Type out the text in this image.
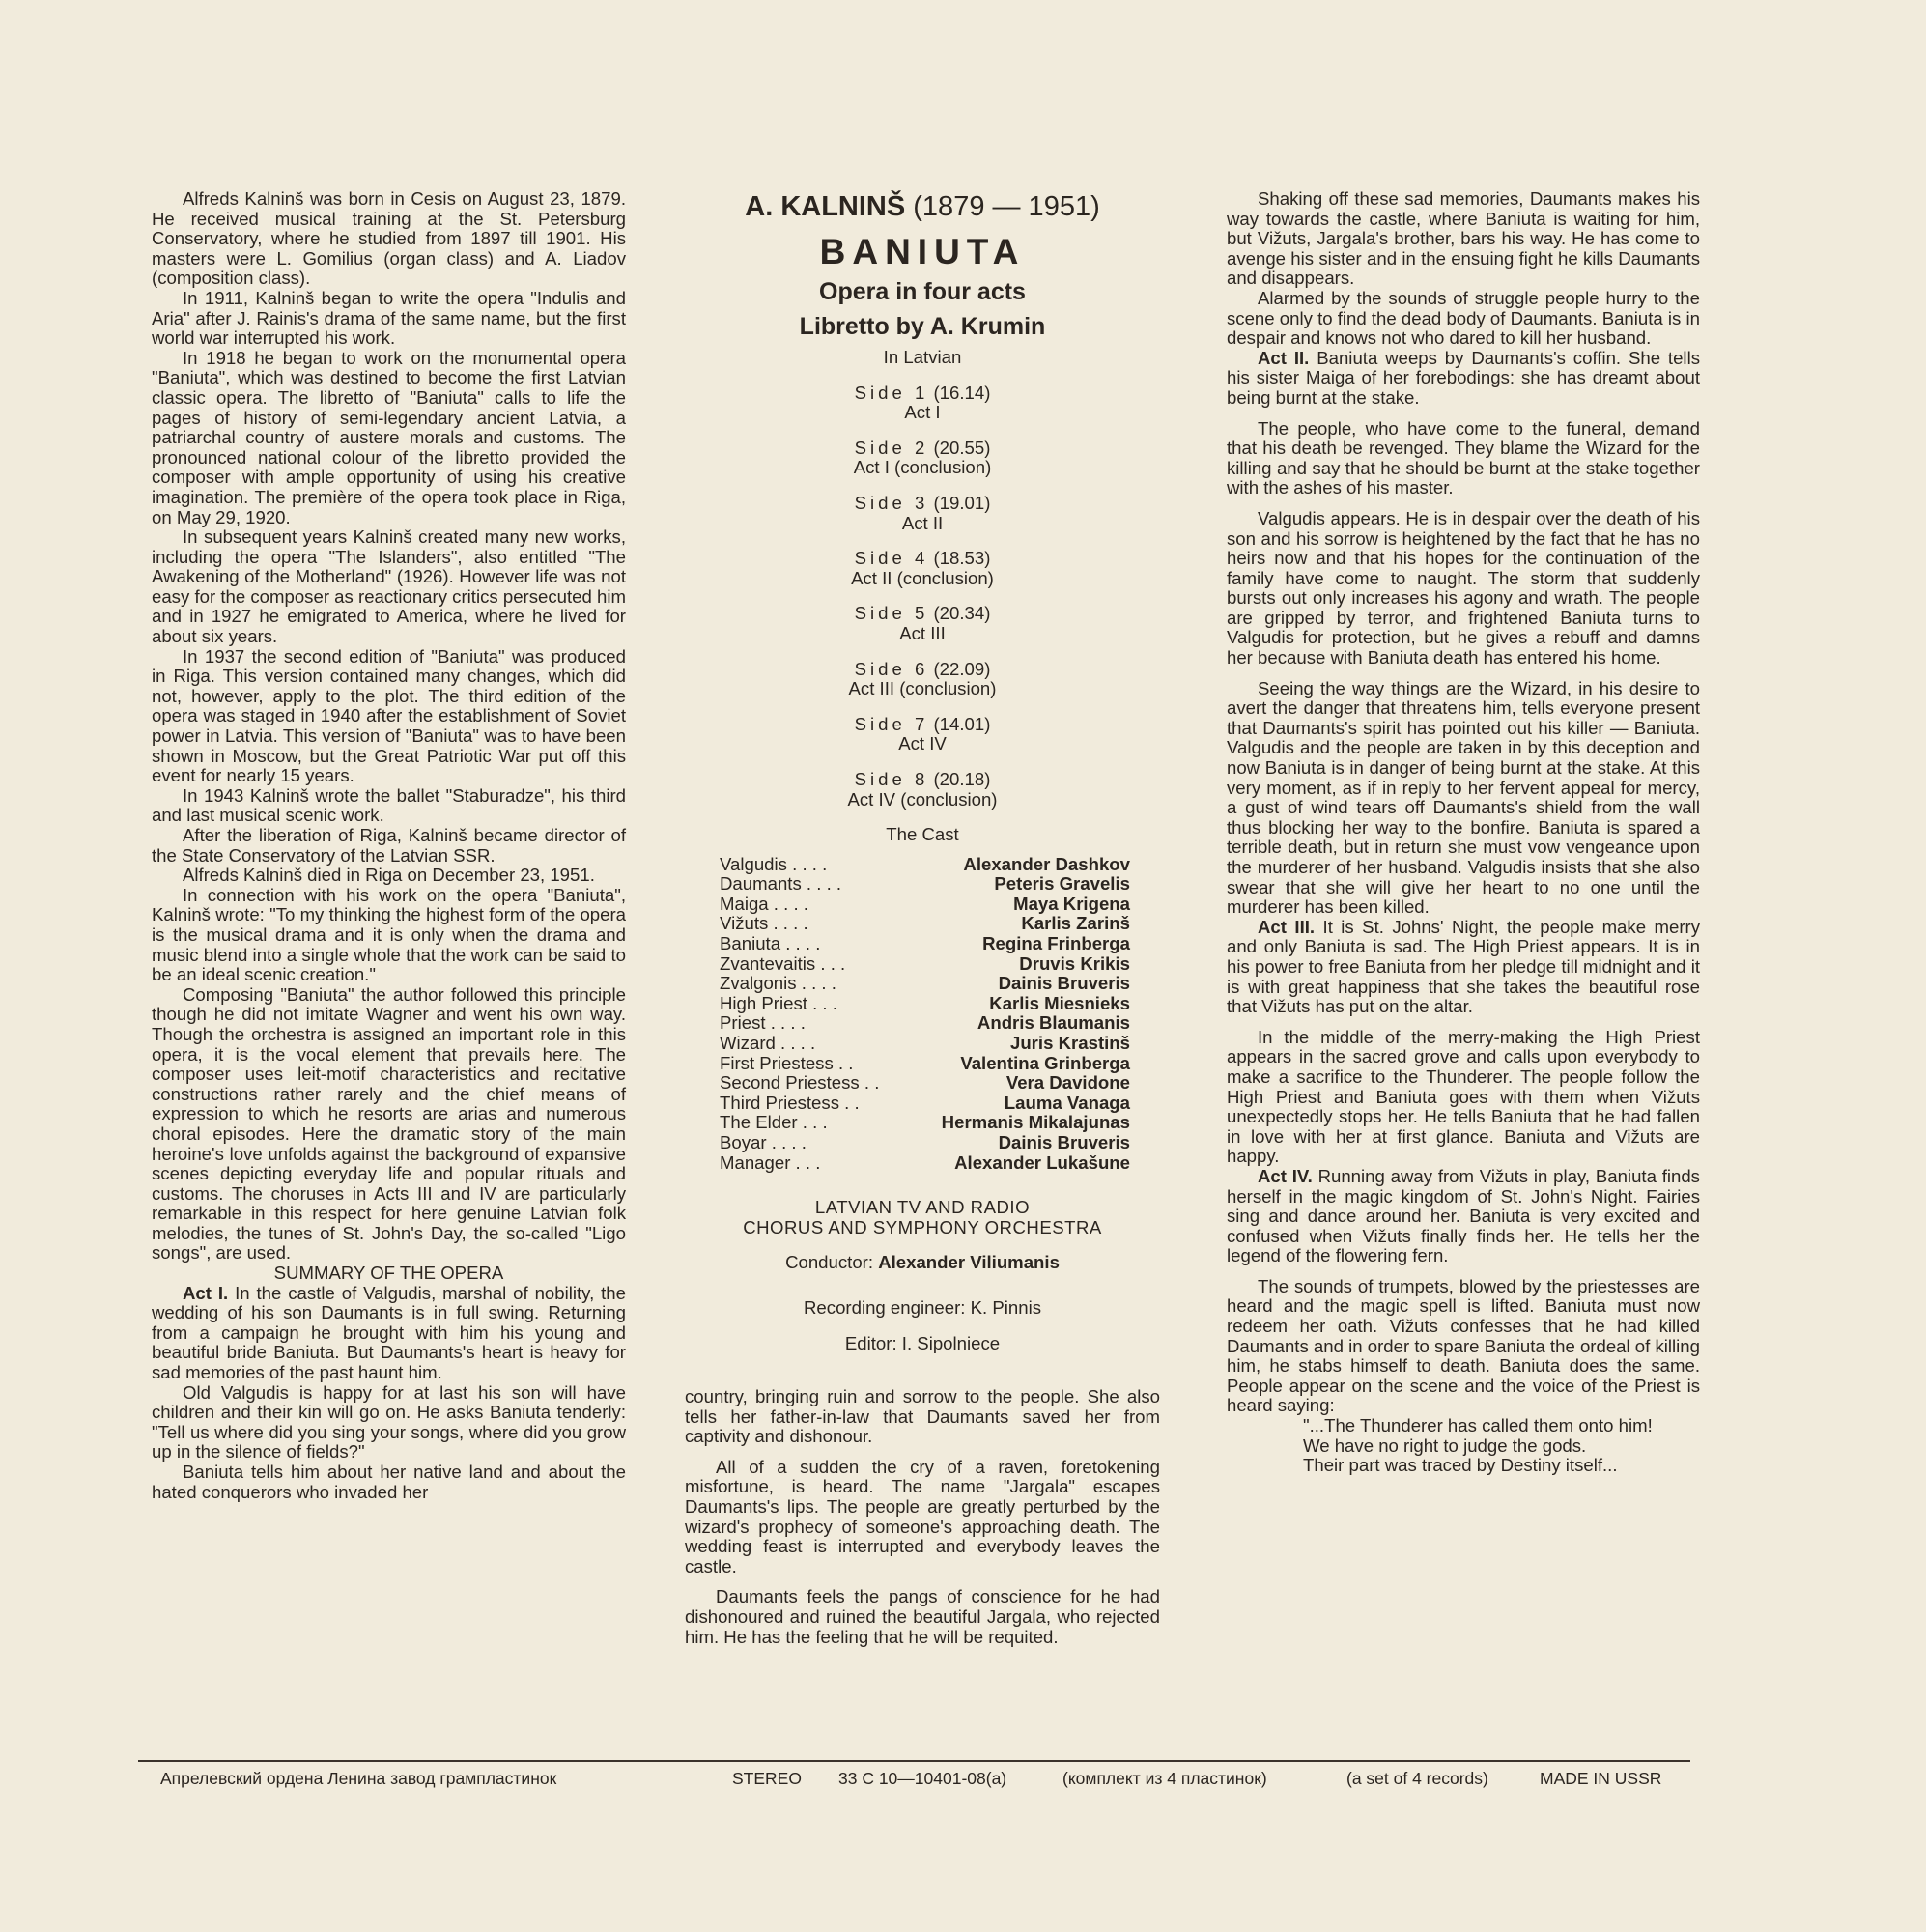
Alfreds Kalninš was born in Cesis on August 23, 1879. He received musical training at the St. Petersburg Conservatory, where he studied from 1897 till 1901. His masters were L. Gomilius (organ class) and A. Liadov (composition class).

In 1911, Kalninš began to write the opera "Indulis and Aria" after J. Rainis's drama of the same name, but the first world war interrupted his work.

In 1918 he began to work on the monumental opera "Baniuta", which was destined to become the first Latvian classic opera. The libretto of "Baniuta" calls to life the pages of history of semi-legendary ancient Latvia, a patriarchal country of austere morals and customs. The pronounced national colour of the libretto provided the composer with ample opportunity of using his creative imagination. The première of the opera took place in Riga, on May 29, 1920.

In subsequent years Kalninš created many new works, including the opera "The Islanders", also entitled "The Awakening of the Motherland" (1926). However life was not easy for the composer as reactionary critics persecuted him and in 1927 he emigrated to America, where he lived for about six years.

In 1937 the second edition of "Baniuta" was produced in Riga. This version contained many changes, which did not, however, apply to the plot. The third edition of the opera was staged in 1940 after the establishment of Soviet power in Latvia. This version of "Baniuta" was to have been shown in Moscow, but the Great Patriotic War put off this event for nearly 15 years.

In 1943 Kalninš wrote the ballet "Staburadze", his third and last musical scenic work.

After the liberation of Riga, Kalninš became director of the State Conservatory of the Latvian SSR.

Alfreds Kalninš died in Riga on December 23, 1951.

In connection with his work on the opera "Baniuta", Kalninš wrote: "To my thinking the highest form of the opera is the musical drama and it is only when the drama and music blend into a single whole that the work can be said to be an ideal scenic creation."

Composing "Baniuta" the author followed this principle though he did not imitate Wagner and went his own way. Though the orchestra is assigned an important role in this opera, it is the vocal element that prevails here. The composer uses leit-motif characteristics and recitative constructions rather rarely and the chief means of expression to which he resorts are arias and numerous choral episodes. Here the dramatic story of the main heroine's love unfolds against the background of expansive scenes depicting everyday life and popular rituals and customs. The choruses in Acts III and IV are particularly remarkable in this respect for here genuine Latvian folk melodies, the tunes of St. John's Day, the so-called "Ligo songs", are used.

SUMMARY OF THE OPERA

Act I. In the castle of Valgudis, marshal of nobility, the wedding of his son Daumants is in full swing. Returning from a campaign he brought with him his young and beautiful bride Baniuta. But Daumants's heart is heavy for sad memories of the past haunt him.

Old Valgudis is happy for at last his son will have children and their kin will go on. He asks Baniuta tenderly: "Tell us where did you sing your songs, where did you grow up in the silence of fields?"

Baniuta tells him about her native land and about the hated conquerors who invaded her

A. KALNINŠ (1879 — 1951)
BANIUTA
Opera in four acts
Libretto by A. Krumin
In Latvian
Side 1 (16.14)
Act I
Side 2 (20.55)
Act I (conclusion)
Side 3 (19.01)
Act II
Side 4 (18.53)
Act II (conclusion)
Side 5 (20.34)
Act III
Side 6 (22.09)
Act III (conclusion)
Side 7 (14.01)
Act IV
Side 8 (20.18)
Act IV (conclusion)
The Cast
Valgudis . . . .	Alexander Dashkov
Daumants . . . .	Peteris Gravelis
Maiga . . . .	Maya Krigena
Vižuts . . . .	Karlis Zarinš
Baniuta . . . .	Regina Frinberga
Zvantevaitis . . .	Druvis Krikis
Zvalgonis . . . .	Dainis Bruveris
High Priest . . .	Karlis Miesnieks
Priest . . . .	Andris Blaumanis
Wizard . . . .	Juris Krastinš
First Priestess . .	Valentina Grinberga
Second Priestess . .	Vera Davidone
Third Priestess . .	Lauma Vanaga
The Elder . . .	Hermanis Mikalajunas
Boyar . . . .	Dainis Bruveris
Manager . . .	Alexander Lukašune
LATVIAN TV AND RADIO
CHORUS AND SYMPHONY ORCHESTRA
Conductor: Alexander Viliumanis
Recording engineer: K. Pinnis
Editor: I. Sipolniece

country, bringing ruin and sorrow to the people. She also tells her father-in-law that Daumants saved her from captivity and dishonour.

All of a sudden the cry of a raven, foretokening misfortune, is heard. The name "Jargala" escapes Daumants's lips. The people are greatly perturbed by the wizard's prophecy of someone's approaching death. The wedding feast is interrupted and everybody leaves the castle.

Daumants feels the pangs of conscience for he had dishonoured and ruined the beautiful Jargala, who rejected him. He has the feeling that he will be requited.

Shaking off these sad memories, Daumants makes his way towards the castle, where Baniuta is waiting for him, but Vižuts, Jargala's brother, bars his way. He has come to avenge his sister and in the ensuing fight he kills Daumants and disappears.

Alarmed by the sounds of struggle people hurry to the scene only to find the dead body of Daumants. Baniuta is in despair and knows not who dared to kill her husband.

Act II. Baniuta weeps by Daumants's coffin. She tells his sister Maiga of her forebodings: she has dreamt about being burnt at the stake.

The people, who have come to the funeral, demand that his death be revenged. They blame the Wizard for the killing and say that he should be burnt at the stake together with the ashes of his master.

Valgudis appears. He is in despair over the death of his son and his sorrow is heightened by the fact that he has no heirs now and that his hopes for the continuation of the family have come to naught. The storm that suddenly bursts out only increases his agony and wrath. The people are gripped by terror, and frightened Baniuta turns to Valgudis for protection, but he gives a rebuff and damns her because with Baniuta death has entered his home.

Seeing the way things are the Wizard, in his desire to avert the danger that threatens him, tells everyone present that Daumants's spirit has pointed out his killer — Baniuta. Valgudis and the people are taken in by this deception and now Baniuta is in danger of being burnt at the stake. At this very moment, as if in reply to her fervent appeal for mercy, a gust of wind tears off Daumants's shield from the wall thus blocking her way to the bonfire. Baniuta is spared a terrible death, but in return she must vow vengeance upon the murderer of her husband. Valgudis insists that she also swear that she will give her heart to no one until the murderer has been killed.

Act III. It is St. Johns' Night, the people make merry and only Baniuta is sad. The High Priest appears. It is in his power to free Baniuta from her pledge till midnight and it is with great happiness that she takes the beautiful rose that Vižuts has put on the altar.

In the middle of the merry-making the High Priest appears in the sacred grove and calls upon everybody to make a sacrifice to the Thunderer. The people follow the High Priest and Baniuta goes with them when Vižuts unexpectedly stops her. He tells Baniuta that he had fallen in love with her at first glance. Baniuta and Vižuts are happy.

Act IV. Running away from Vižuts in play, Baniuta finds herself in the magic kingdom of St. John's Night. Fairies sing and dance around her. Baniuta is very excited and confused when Vižuts finally finds her. He tells her the legend of the flowering fern.

The sounds of trumpets, blowed by the priestesses are heard and the magic spell is lifted. Baniuta must now redeem her oath. Vižuts confesses that he had killed Daumants and in order to spare Baniuta the ordeal of killing him, he stabs himself to death. Baniuta does the same. People appear on the scene and the voice of the Priest is heard saying:

"...The Thunderer has called them onto him!
We have no right to judge the gods.
Their part was traced by Destiny itself...
Апрелевский ордена Ленина завод грампластинок	STEREO 33 С 10—10401-08(а)	(комплект из 4 пластинок)	(a set of 4 records)	MADE IN USSR
